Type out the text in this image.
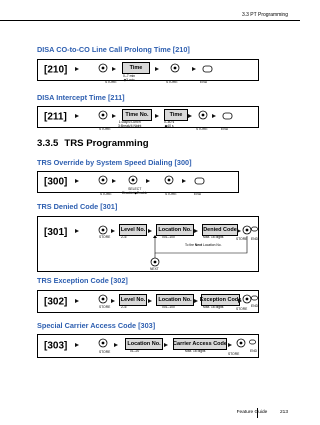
3.3 PT Programming
DISA CO-to-CO Line Call Prolong Time [210]
[210]	Time
STORE
0–7 min
◆3 min	STORE	END
DISA Intercept Time [211]
[211]	Time No.	Time
STORE
1:Day/2:Lunch
3:Break/4:Night
0–60 s
◆40 s
STORE	END
3.3.5 TRS Programming
TRS Override by System Speed Dialing [300]
[300]
STORE
SELECT
Disable/◆Enable	STORE	END
TRS Denied Code [301]
[301]	Level No.	Location No.	Denied Code
STORE	2–6	001–100	Max. 16 digits	STORE END
To the Next Location No.
NEXT
TRS Exception Code [302]
[302]	Level No.	Location No.	Exception Code
STORE	2–6	001–100	Max. 16 digits	STORE
END
Special Carrier Access Code [303]
[303]	Location No.	Carrier Access Code
STORE	01–20	Max. 16 digits
STORE
END
Feature Guide	213
